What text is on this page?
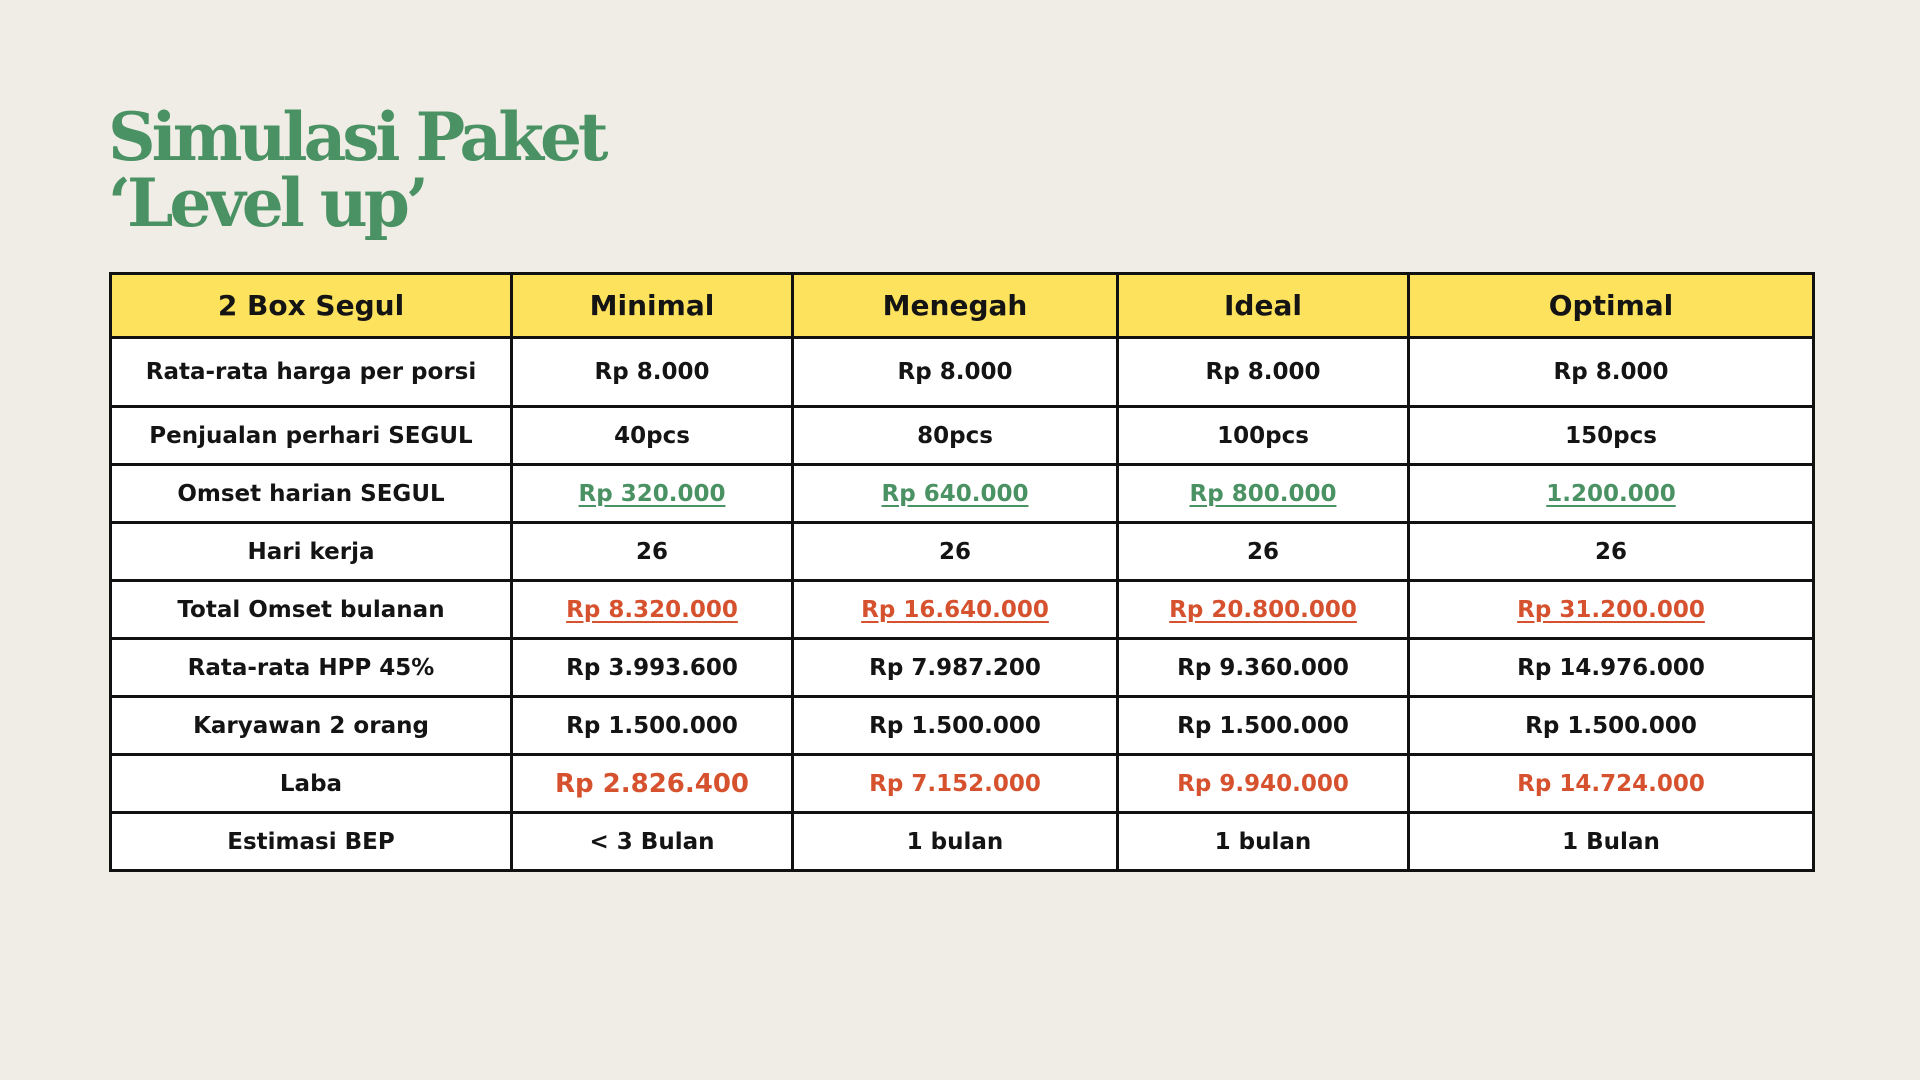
Simulasi Paket
‘Level up’
2 Box Segul	Minimal	Menegah	Ideal	Optimal
Rata-rata harga per porsi	Rp 8.000	Rp 8.000	Rp 8.000	Rp 8.000
Penjualan perhari SEGUL	40pcs	80pcs	100pcs	150pcs
Omset harian SEGUL	Rp 320.000	Rp 640.000	Rp 800.000	1.200.000
Hari kerja	26	26	26	26
Total Omset bulanan	Rp 8.320.000	Rp 16.640.000	Rp 20.800.000	Rp 31.200.000
Rata-rata HPP 45%	Rp 3.993.600	Rp 7.987.200	Rp 9.360.000	Rp 14.976.000
Karyawan 2 orang	Rp 1.500.000	Rp 1.500.000	Rp 1.500.000	Rp 1.500.000
Laba	Rp 2.826.400	Rp 7.152.000	Rp 9.940.000	Rp 14.724.000
Estimasi BEP	< 3 Bulan	1 bulan	1 bulan	1 Bulan
